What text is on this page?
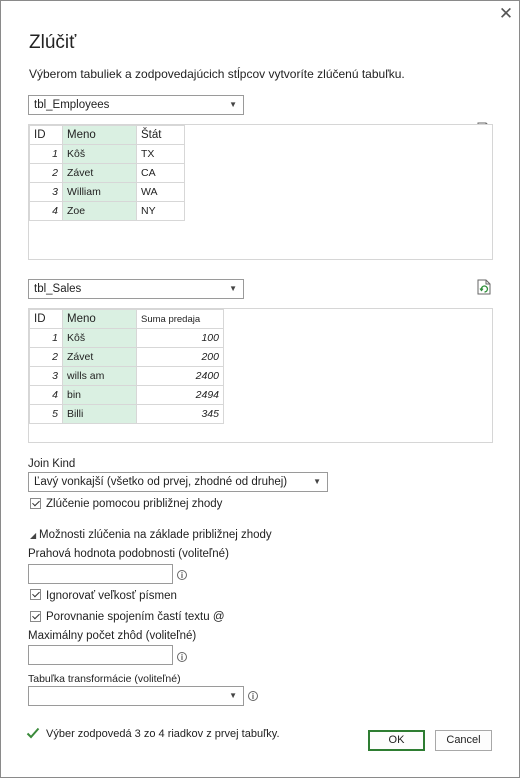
✕
Zlúčiť
Výberom tabuliek a zodpovedajúcich stĺpcov vytvoríte zlúčenú tabuľku.
tbl_Employees	▼
ID	Meno	Štát
1	Kôš	TX
2	Závet	CA
3	William	WA
4	Zoe	NY
tbl_Sales	▼
ID	Meno	Suma predaja
1	Kôš	100
2	Závet	200
3	wills am	2400
4	bin	2494
5	Billi	345
Join Kind
Ľavý vonkajší (všetko od prvej, zhodné od druhej)	▼
Zlúčenie pomocou približnej zhody
◢ Možnosti zlúčenia na základe približnej zhody
Prahová hodnota podobnosti (voliteľné)
i
Ignorovať veľkosť písmen
Porovnanie spojením častí textu @
Maximálny počet zhôd (voliteľné)
i
Tabuľka transformácie (voliteľné)
▼	i
Výber zodpovedá 3 zo 4 riadkov z prvej tabuľky.	OK	Cancel
